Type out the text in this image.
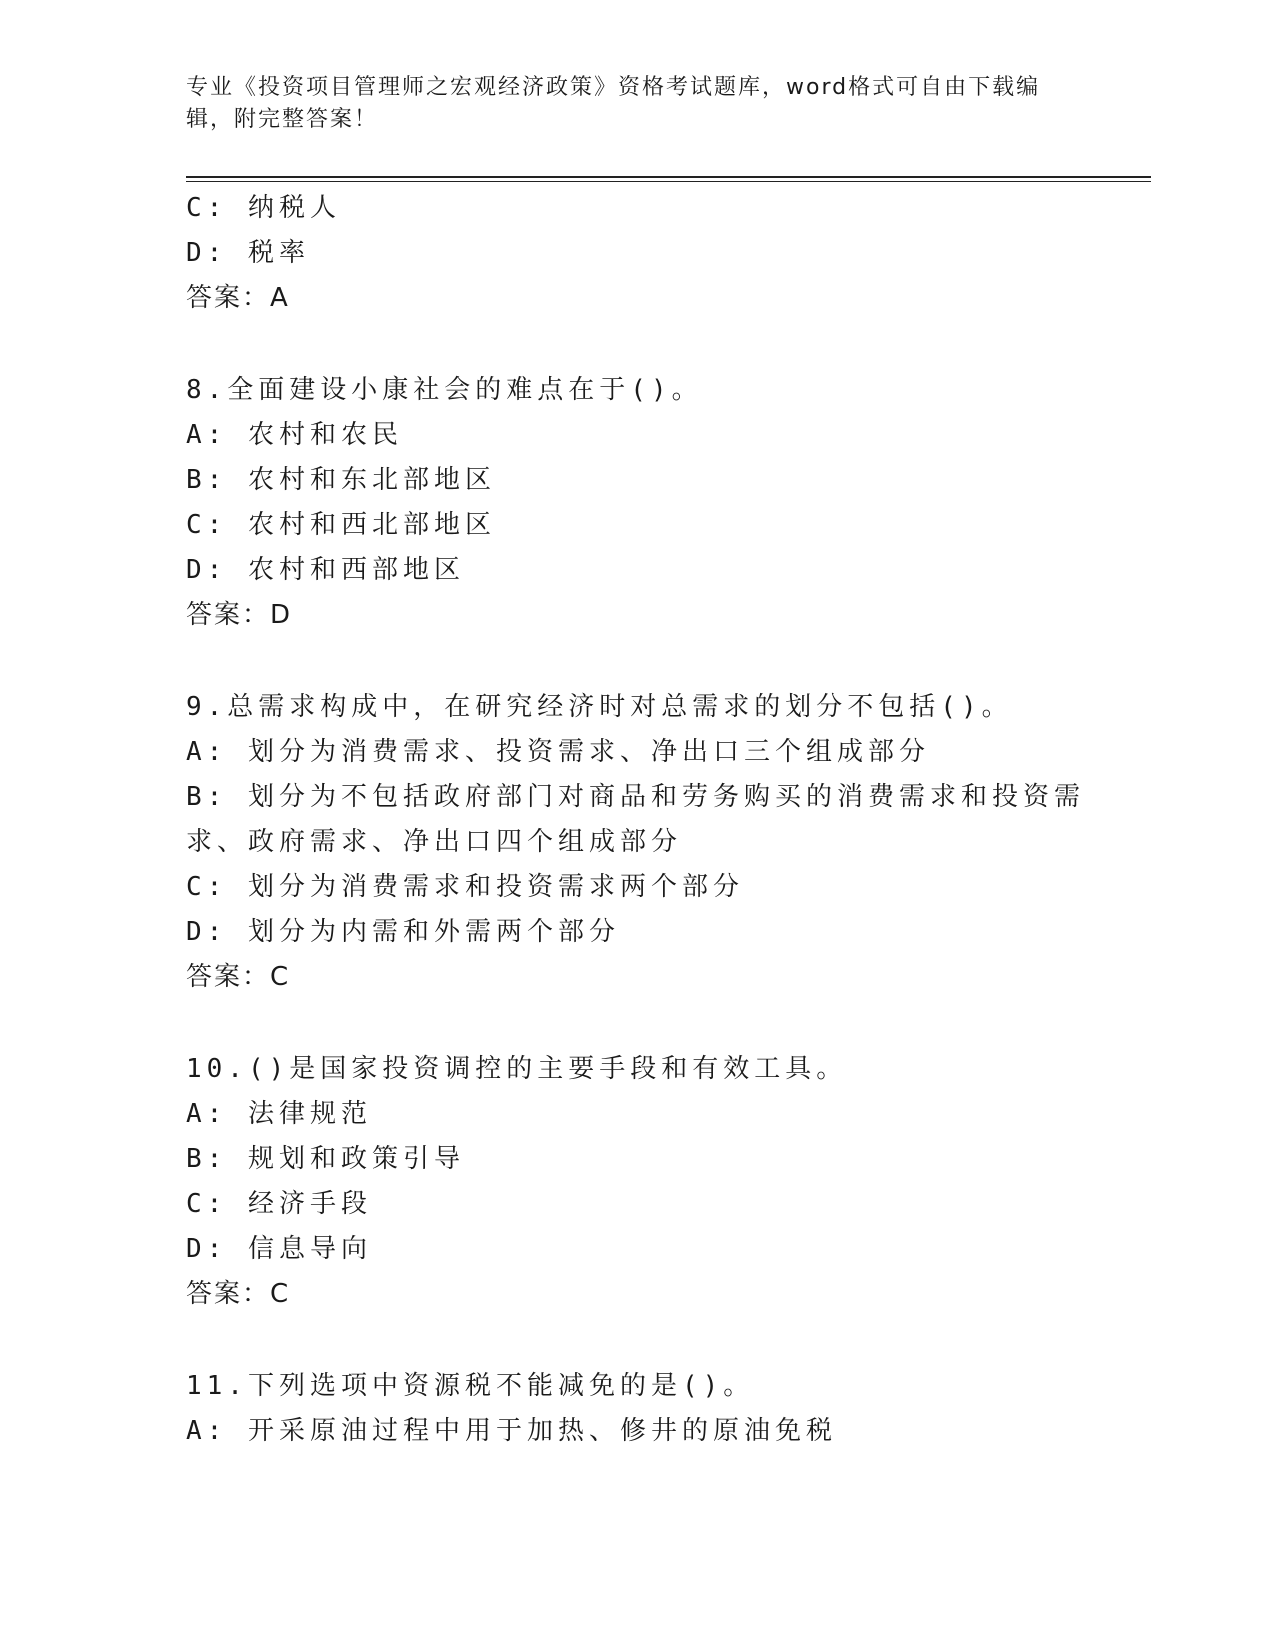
专业《投资项目管理师之宏观经济政策》资格考试题库，word格式可自由下载编辑，附完整答案！
C: 纳税人
D: 税率
答案：A
8.全面建设小康社会的难点在于()。
A: 农村和农民
B: 农村和东北部地区
C: 农村和西北部地区
D: 农村和西部地区
答案：D
9.总需求构成中，在研究经济时对总需求的划分不包括()。
A: 划分为消费需求、投资需求、净出口三个组成部分
B: 划分为不包括政府部门对商品和劳务购买的消费需求和投资需求、政府需求、净出口四个组成部分
C: 划分为消费需求和投资需求两个部分
D: 划分为内需和外需两个部分
答案：C
10.()是国家投资调控的主要手段和有效工具。
A: 法律规范
B: 规划和政策引导
C: 经济手段
D: 信息导向
答案：C
11.下列选项中资源税不能减免的是()。
A: 开采原油过程中用于加热、修井的原油免税
